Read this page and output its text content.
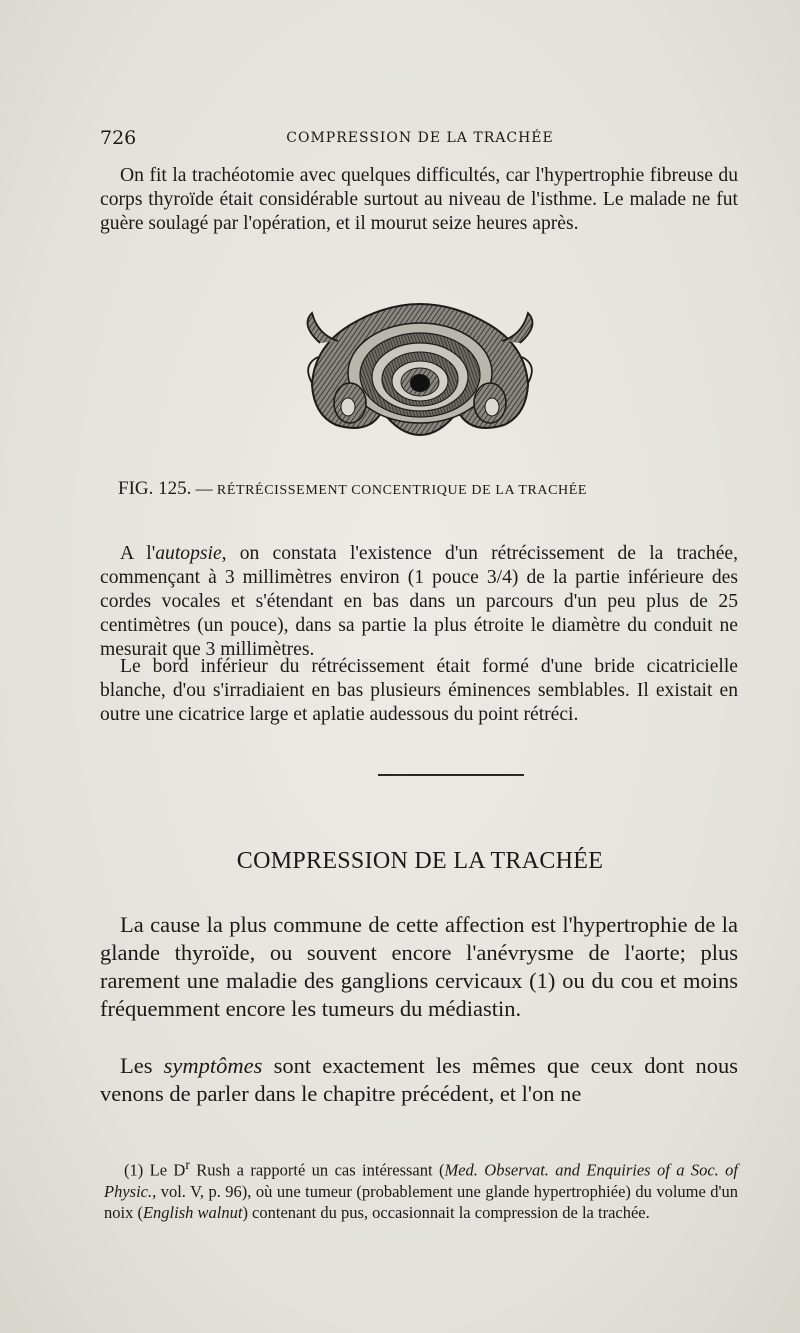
726	COMPRESSION DE LA TRACHÉE

On fit la trachéotomie avec quelques difficultés, car l'hypertrophie fibreuse du corps thyroïde était considérable surtout au niveau de l'isthme. Le malade ne fut guère soulagé par l'opération, et il mourut seize heures après.

FIG. 125. — RÉTRÉCISSEMENT CONCENTRIQUE DE LA TRACHÉE

A l'autopsie, on constata l'existence d'un rétrécissement de la trachée, commençant à 3 millimètres environ (1 pouce 3/4) de la partie inférieure des cordes vocales et s'étendant en bas dans un parcours d'un peu plus de 25 centimètres (un pouce), dans sa partie la plus étroite le diamètre du conduit ne mesurait que 3 millimètres.

Le bord inférieur du rétrécissement était formé d'une bride cicatricielle blanche, d'ou s'irradiaient en bas plusieurs éminences semblables. Il existait en outre une cicatrice large et aplatie audessous du point rétréci.

COMPRESSION DE LA TRACHÉE

La cause la plus commune de cette affection est l'hypertrophie de la glande thyroïde, ou souvent encore l'anévrysme de l'aorte; plus rarement une maladie des ganglions cervicaux (1) ou du cou et moins fréquemment encore les tumeurs du médiastin.

Les symptômes sont exactement les mêmes que ceux dont nous venons de parler dans le chapitre précédent, et l'on ne

(1) Le $D^r$ Rush a rapporté un cas intéressant (Med. Observat. and Enquiries of a Soc. of Physic., vol. V, p. 96), où une tumeur (probablement une glande hypertrophiée) du volume d'un noix (English walnut) contenant du pus, occasionnait la compression de la trachée.
